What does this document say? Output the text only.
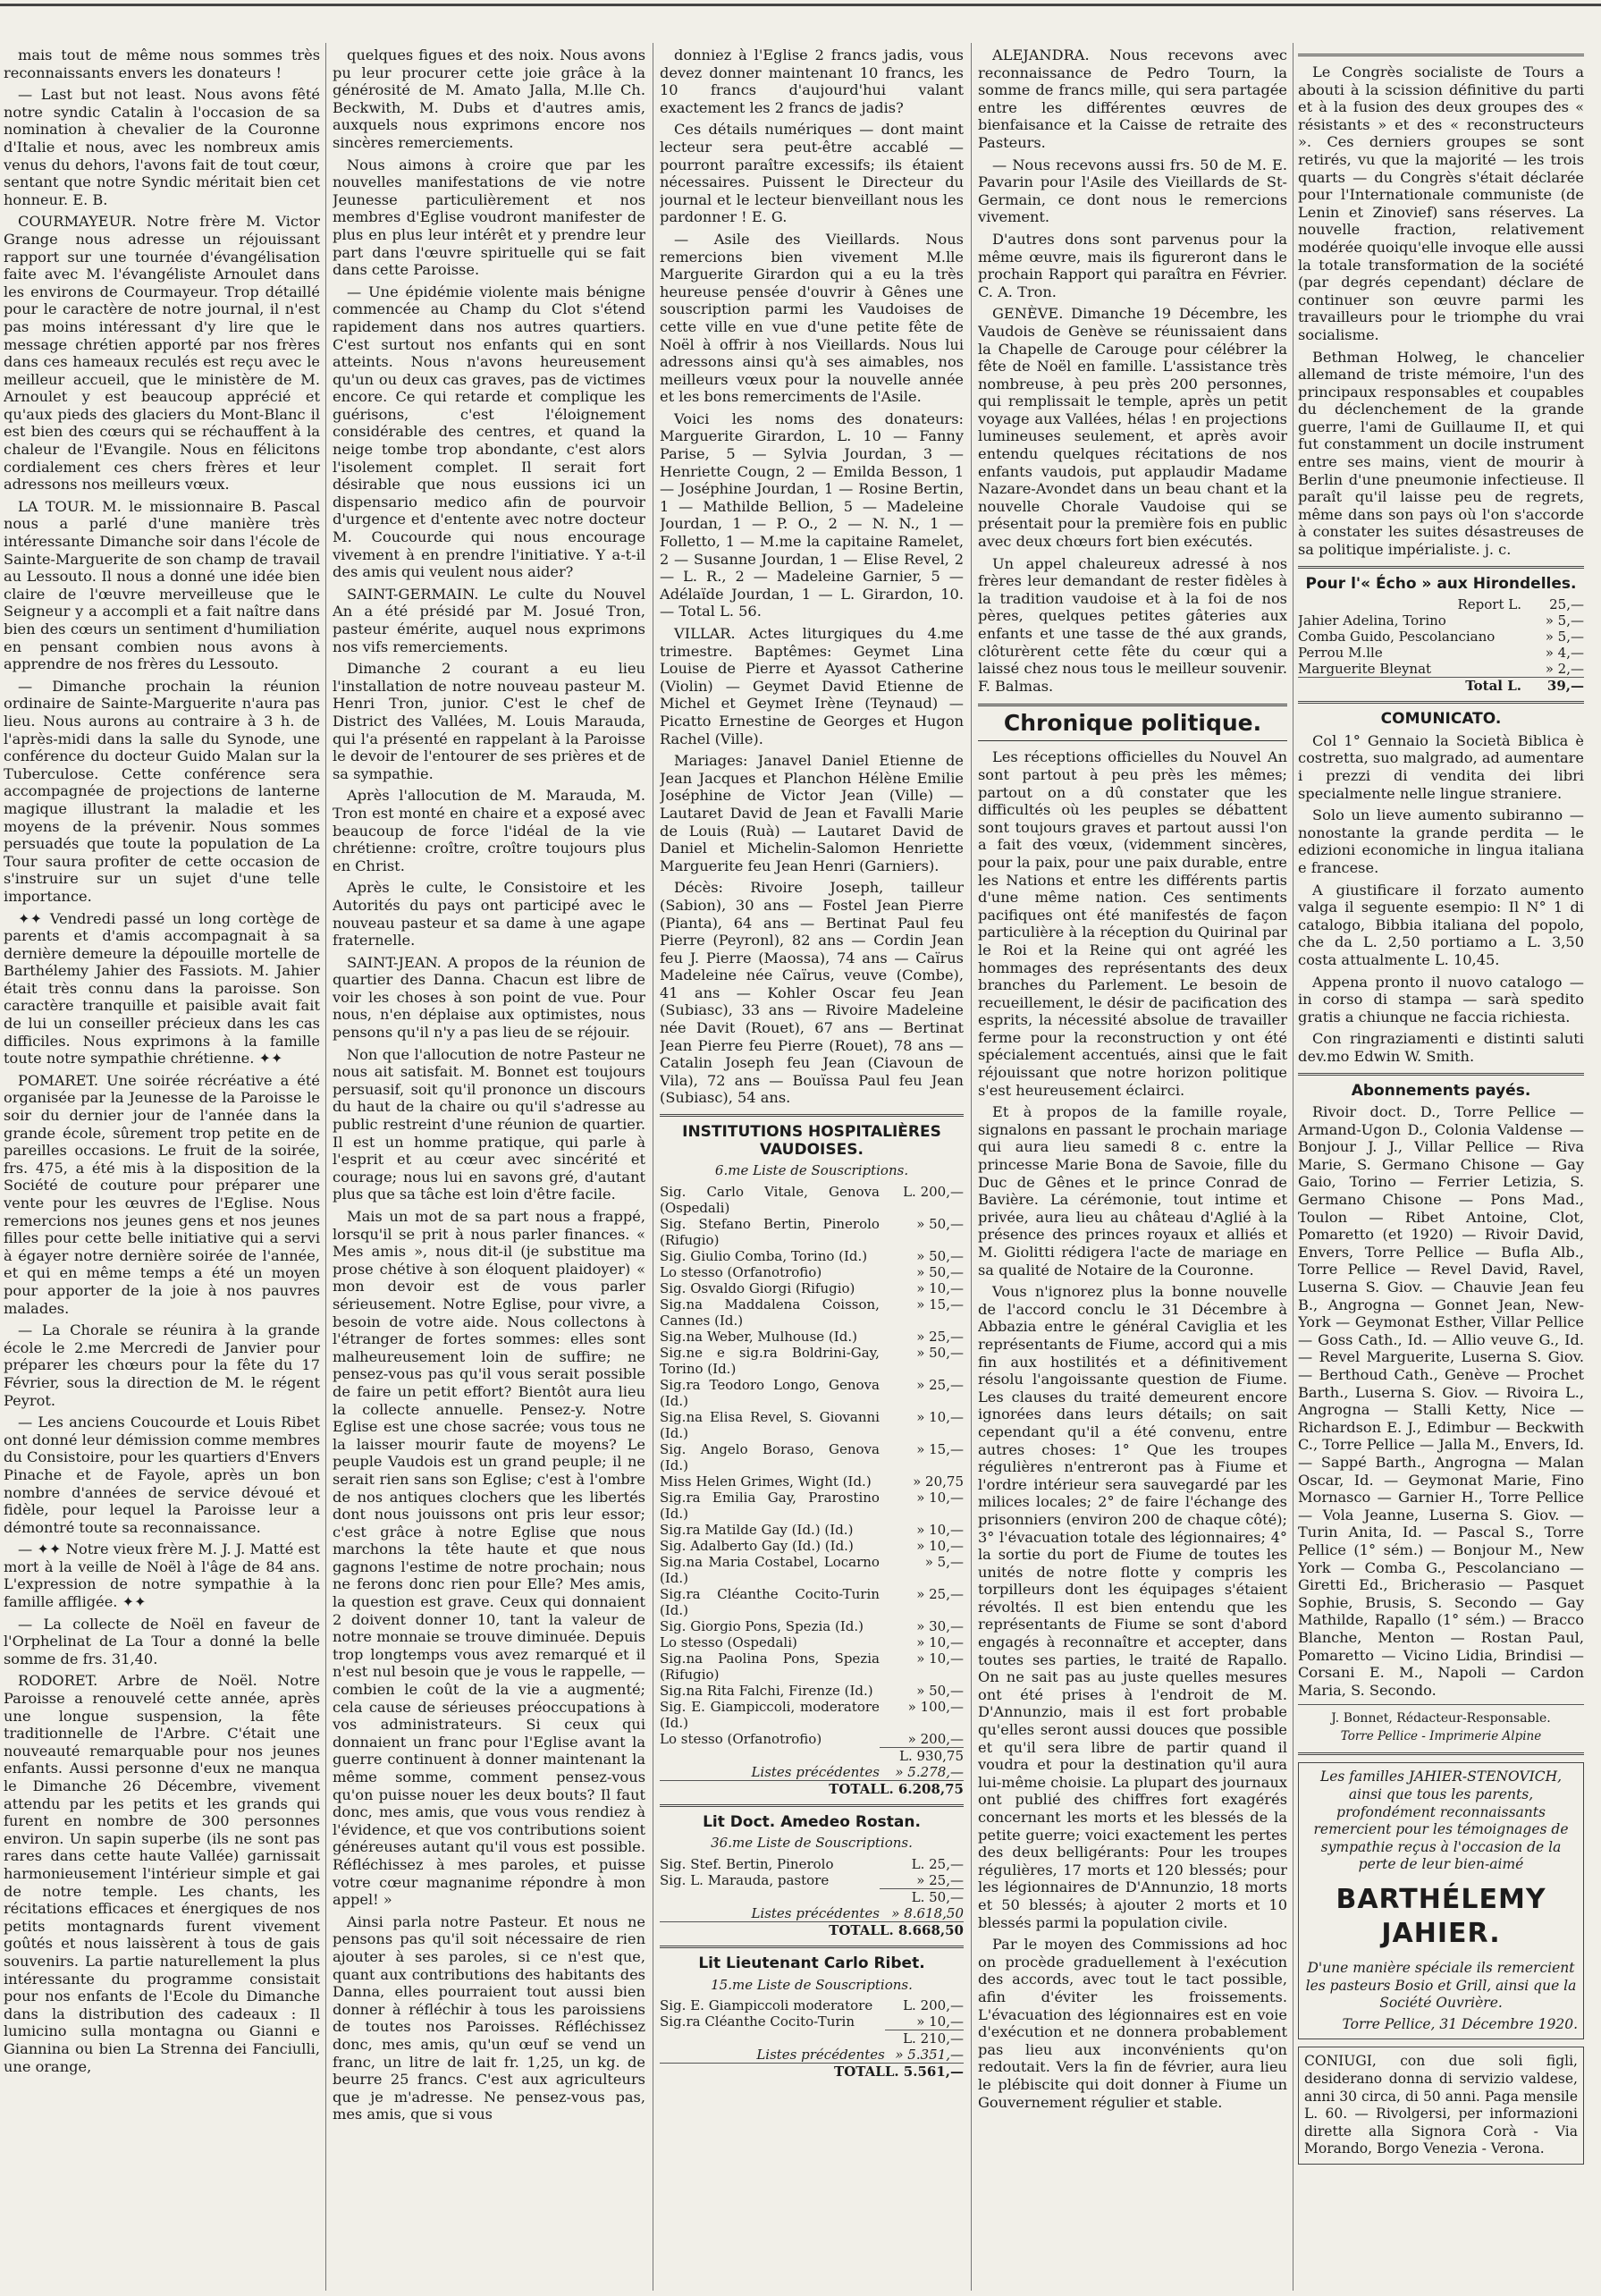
mais tout de même nous sommes très reconnaissants envers les donateurs !

— Last but not least. Nous avons fêté notre syndic Catalin à l'occasion de sa nomination à chevalier de la Couronne d'Italie et nous, avec les nombreux amis venus du dehors, l'avons fait de tout cœur, sentant que notre Syndic méritait bien cet honneur. E. B.

COURMAYEUR. Notre frère M. Victor Grange nous adresse un réjouissant rapport sur une tournée d'évangélisation faite avec M. l'évangéliste Arnoulet dans les environs de Courmayeur. Trop détaillé pour le caractère de notre journal, il n'est pas moins intéressant d'y lire que le message chrétien apporté par nos frères dans ces hameaux reculés est reçu avec le meilleur accueil, que le ministère de M. Arnoulet y est beaucoup apprécié et qu'aux pieds des glaciers du Mont-Blanc il est bien des cœurs qui se réchauffent à la chaleur de l'Evangile. Nous en félicitons cordialement ces chers frères et leur adressons nos meilleurs vœux.

LA TOUR. M. le missionnaire B. Pascal nous a parlé d'une manière très intéressante Dimanche soir dans l'école de Sainte-Marguerite de son champ de travail au Lessouto. Il nous a donné une idée bien claire de l'œuvre merveilleuse que le Seigneur y a accompli et a fait naître dans bien des cœurs un sentiment d'humiliation en pensant combien nous avons à apprendre de nos frères du Lessouto.

— Dimanche prochain la réunion ordinaire de Sainte-Marguerite n'aura pas lieu. Nous aurons au contraire à 3 h. de l'après-midi dans la salle du Synode, une conférence du docteur Guido Malan sur la Tuberculose. Cette conférence sera accompagnée de projections de lanterne magique illustrant la maladie et les moyens de la prévenir. Nous sommes persuadés que toute la population de La Tour saura profiter de cette occasion de s'instruire sur un sujet d'une telle importance.

✦✦ Vendredi passé un long cortège de parents et d'amis accompagnait à sa dernière demeure la dépouille mortelle de Barthélemy Jahier des Fassiots. M. Jahier était très connu dans la paroisse. Son caractère tranquille et paisible avait fait de lui un conseiller précieux dans les cas difficiles. Nous exprimons à la famille toute notre sympathie chrétienne. ✦✦

POMARET. Une soirée récréative a été organisée par la Jeunesse de la Paroisse le soir du dernier jour de l'année dans la grande école, sûrement trop petite en de pareilles occasions. Le fruit de la soirée, frs. 475, a été mis à la disposition de la Société de couture pour préparer une vente pour les œuvres de l'Eglise. Nous remercions nos jeunes gens et nos jeunes filles pour cette belle initiative qui a servi à égayer notre dernière soirée de l'année, et qui en même temps a été un moyen pour apporter de la joie à nos pauvres malades.

— La Chorale se réunira à la grande école le 2.me Mercredi de Janvier pour préparer les chœurs pour la fête du 17 Février, sous la direction de M. le régent Peyrot.

— Les anciens Coucourde et Louis Ribet ont donné leur démission comme membres du Consistoire, pour les quartiers d'Envers Pinache et de Fayole, après un bon nombre d'années de service dévoué et fidèle, pour lequel la Paroisse leur a démontré toute sa reconnaissance.

— ✦✦ Notre vieux frère M. J. J. Matté est mort à la veille de Noël à l'âge de 84 ans. L'expression de notre sympathie à la famille affligée. ✦✦

— La collecte de Noël en faveur de l'Orphelinat de La Tour a donné la belle somme de frs. 31,40.

RODORET. Arbre de Noël. Notre Paroisse a renouvelé cette année, après une longue suspension, la fête traditionnelle de l'Arbre. C'était une nouveauté remarquable pour nos jeunes enfants. Aussi personne d'eux ne manqua le Dimanche 26 Décembre, vivement attendu par les petits et les grands qui furent en nombre de 300 personnes environ. Un sapin superbe (ils ne sont pas rares dans cette haute Vallée) garnissait harmonieusement l'intérieur simple et gai de notre temple. Les chants, les récitations efficaces et énergiques de nos petits montagnards furent vivement goûtés et nous laissèrent à tous de gais souvenirs. La partie naturellement la plus intéressante du programme consistait pour nos enfants de l'Ecole du Dimanche dans la distribution des cadeaux : Il lumicino sulla montagna ou Gianni e Giannina ou bien La Strenna dei Fanciulli, une orange,

quelques figues et des noix. Nous avons pu leur procurer cette joie grâce à la générosité de M. Amato Jalla, M.lle Ch. Beckwith, M. Dubs et d'autres amis, auxquels nous exprimons encore nos sincères remerciements.

Nous aimons à croire que par les nouvelles manifestations de vie notre Jeunesse particulièrement et nos membres d'Eglise voudront manifester de plus en plus leur intérêt et y prendre leur part dans l'œuvre spirituelle qui se fait dans cette Paroisse.

— Une épidémie violente mais bénigne commencée au Champ du Clot s'étend rapidement dans nos autres quartiers. C'est surtout nos enfants qui en sont atteints. Nous n'avons heureusement qu'un ou deux cas graves, pas de victimes encore. Ce qui retarde et complique les guérisons, c'est l'éloignement considérable des centres, et quand la neige tombe trop abondante, c'est alors l'isolement complet. Il serait fort désirable que nous eussions ici un dispensario medico afin de pourvoir d'urgence et d'entente avec notre docteur M. Coucourde qui nous encourage vivement à en prendre l'initiative. Y a-t-il des amis qui veulent nous aider?

SAINT-GERMAIN. Le culte du Nouvel An a été présidé par M. Josué Tron, pasteur émérite, auquel nous exprimons nos vifs remerciements.

Dimanche 2 courant a eu lieu l'installation de notre nouveau pasteur M. Henri Tron, junior. C'est le chef de District des Vallées, M. Louis Marauda, qui l'a présenté en rappelant à la Paroisse le devoir de l'entourer de ses prières et de sa sympathie.

Après l'allocution de M. Marauda, M. Tron est monté en chaire et a exposé avec beaucoup de force l'idéal de la vie chrétienne: croître, croître toujours plus en Christ.

Après le culte, le Consistoire et les Autorités du pays ont participé avec le nouveau pasteur et sa dame à une agape fraternelle.

SAINT-JEAN. A propos de la réunion de quartier des Danna. Chacun est libre de voir les choses à son point de vue. Pour nous, n'en déplaise aux optimistes, nous pensons qu'il n'y a pas lieu de se réjouir.

Non que l'allocution de notre Pasteur ne nous ait satisfait. M. Bonnet est toujours persuasif, soit qu'il prononce un discours du haut de la chaire ou qu'il s'adresse au public restreint d'une réunion de quartier. Il est un homme pratique, qui parle à l'esprit et au cœur avec sincérité et courage; nous lui en savons gré, d'autant plus que sa tâche est loin d'être facile.

Mais un mot de sa part nous a frappé, lorsqu'il se prit à nous parler finances. « Mes amis », nous dit-il (je substitue ma prose chétive à son éloquent plaidoyer) « mon devoir est de vous parler sérieusement. Notre Eglise, pour vivre, a besoin de votre aide. Nous collectons à l'étranger de fortes sommes: elles sont malheureusement loin de suffire; ne pensez-vous pas qu'il vous serait possible de faire un petit effort? Bientôt aura lieu la collecte annuelle. Pensez-y. Notre Eglise est une chose sacrée; vous tous ne la laisser mourir faute de moyens? Le peuple Vaudois est un grand peuple; il ne serait rien sans son Eglise; c'est à l'ombre de nos antiques clochers que les libertés dont nous jouissons ont pris leur essor; c'est grâce à notre Eglise que nous marchons la tête haute et que nous gagnons l'estime de notre prochain; nous ne ferons donc rien pour Elle? Mes amis, la question est grave. Ceux qui donnaient 2 doivent donner 10, tant la valeur de notre monnaie se trouve diminuée. Depuis trop longtemps vous avez remarqué et il n'est nul besoin que je vous le rappelle, — combien le coût de la vie a augmenté; cela cause de sérieuses préoccupations à vos administrateurs. Si ceux qui donnaient un franc pour l'Eglise avant la guerre continuent à donner maintenant la même somme, comment pensez-vous qu'on puisse nouer les deux bouts? Il faut donc, mes amis, que vous vous rendiez à l'évidence, et que vos contributions soient généreuses autant qu'il vous est possible. Réfléchissez à mes paroles, et puisse votre cœur magnanime répondre à mon appel! »

Ainsi parla notre Pasteur. Et nous ne pensons pas qu'il soit nécessaire de rien ajouter à ses paroles, si ce n'est que, quant aux contributions des habitants des Danna, elles pourraient tout aussi bien donner à réfléchir à tous les paroissiens de toutes nos Paroisses. Réfléchissez donc, mes amis, qu'un œuf se vend un franc, un litre de lait fr. 1,25, un kg. de beurre 25 francs. C'est aux agriculteurs que je m'adresse. Ne pensez-vous pas, mes amis, que si vous

donniez à l'Eglise 2 francs jadis, vous devez donner maintenant 10 francs, les 10 francs d'aujourd'hui valant exactement les 2 francs de jadis?

Ces détails numériques — dont maint lecteur sera peut-être accablé — pourront paraître excessifs; ils étaient nécessaires. Puissent le Directeur du journal et le lecteur bienveillant nous les pardonner ! E. G.

— Asile des Vieillards. Nous remercions bien vivement M.lle Marguerite Girardon qui a eu la très heureuse pensée d'ouvrir à Gênes une souscription parmi les Vaudoises de cette ville en vue d'une petite fête de Noël à offrir à nos Vieillards. Nous lui adressons ainsi qu'à ses aimables, nos meilleurs vœux pour la nouvelle année et les bons remerciments de l'Asile.

Voici les noms des donateurs: Marguerite Girardon, L. 10 — Fanny Parise, 5 — Sylvia Jourdan, 3 — Henriette Cougn, 2 — Emilda Besson, 1 — Joséphine Jourdan, 1 — Rosine Bertin, 1 — Mathilde Bellion, 5 — Madeleine Jourdan, 1 — P. O., 2 — N. N., 1 — Folletto, 1 — M.me la capitaine Ramelet, 2 — Susanne Jourdan, 1 — Elise Revel, 2 — L. R., 2 — Madeleine Garnier, 5 — Adélaïde Jourdan, 1 — L. Girardon, 10. — Total L. 56.

VILLAR. Actes liturgiques du 4.me trimestre. Baptêmes: Geymet Lina Louise de Pierre et Ayassot Catherine (Violin) — Geymet David Etienne de Michel et Geymet Irène (Teynaud) — Picatto Ernestine de Georges et Hugon Rachel (Ville).

Mariages: Janavel Daniel Etienne de Jean Jacques et Planchon Hélène Emilie Joséphine de Victor Jean (Ville) — Lautaret David de Jean et Favalli Marie de Louis (Ruà) — Lautaret David de Daniel et Michelin-Salomon Henriette Marguerite feu Jean Henri (Garniers).

Décès: Rivoire Joseph, tailleur (Sabion), 30 ans — Fostel Jean Pierre (Pianta), 64 ans — Bertinat Paul feu Pierre (Peyronl), 82 ans — Cordin Jean feu J. Pierre (Maossa), 74 ans — Caïrus Madeleine née Caïrus, veuve (Combe), 41 ans — Kohler Oscar feu Jean (Subiasc), 33 ans — Rivoire Madeleine née Davit (Rouet), 67 ans — Bertinat Jean Pierre feu Pierre (Rouet), 78 ans — Catalin Joseph feu Jean (Ciavoun de Vila), 72 ans — Bouïssa Paul feu Jean (Subiasc), 54 ans.

INSTITUTIONS HOSPITALIÈRES VAUDOISES.
6.me Liste de Souscriptions.
Sig. Carlo Vitale, Genova (Ospedali)	L. 200,—
Sig. Stefano Bertin, Pinerolo (Rifugio)	» 50,—
Sig. Giulio Comba, Torino (Id.)	» 50,—
Lo stesso (Orfanotrofio)	» 50,—
Sig. Osvaldo Giorgi (Rifugio)	» 10,—
Sig.na Maddalena Coisson, Cannes (Id.)	» 15,—
Sig.na Weber, Mulhouse (Id.)	» 25,—
Sig.ne e sig.ra Boldrini-Gay, Torino (Id.)	» 50,—
Sig.ra Teodoro Longo, Genova (Id.)	» 25,—
Sig.na Elisa Revel, S. Giovanni (Id.)	» 10,—
Sig. Angelo Boraso, Genova (Id.)	» 15,—
Miss Helen Grimes, Wight (Id.)	» 20,75
Sig.ra Emilia Gay, Prarostino (Id.)	» 10,—
Sig.ra Matilde Gay (Id.) (Id.)	» 10,—
Sig. Adalberto Gay (Id.) (Id.)	» 10,—
Sig.na Maria Costabel, Locarno (Id.)	» 5,—
Sig.ra Cléanthe Cocito-Turin (Id.)	» 25,—
Sig. Giorgio Pons, Spezia (Id.)	» 30,—
Lo stesso (Ospedali)	» 10,—
Sig.na Paolina Pons, Spezia (Rifugio)	» 10,—
Sig.na Rita Falchi, Firenze (Id.)	» 50,—
Sig. E. Giampiccoli, moderatore (Id.)	» 100,—
Lo stesso (Orfanotrofio)	» 200,—
	L. 930,75
Listes précédentes	» 5.278,—
TOTAL	L. 6.208,75
Lit Doct. Amedeo Rostan.
36.me Liste de Souscriptions.
Sig. Stef. Bertin, Pinerolo	L. 25,—
Sig. L. Marauda, pastore	» 25,—
	L. 50,—
Listes précédentes	» 8.618,50
TOTAL	L. 8.668,50
Lit Lieutenant Carlo Ribet.
15.me Liste de Souscriptions.
Sig. E. Giampiccoli moderatore	L. 200,—
Sig.ra Cléanthe Cocito-Turin	» 10,—
	L. 210,—
Listes précédentes	» 5.351,—
TOTAL	L. 5.561,—

ALEJANDRA. Nous recevons avec reconnaissance de Pedro Tourn, la somme de francs mille, qui sera partagée entre les différentes œuvres de bienfaisance et la Caisse de retraite des Pasteurs.

— Nous recevons aussi frs. 50 de M. E. Pavarin pour l'Asile des Vieillards de St-Germain, ce dont nous le remercions vivement.

D'autres dons sont parvenus pour la même œuvre, mais ils figureront dans le prochain Rapport qui paraîtra en Février. C. A. Tron.

GENÈVE. Dimanche 19 Décembre, les Vaudois de Genève se réunissaient dans la Chapelle de Carouge pour célébrer la fête de Noël en famille. L'assistance très nombreuse, à peu près 200 personnes, qui remplissait le temple, après un petit voyage aux Vallées, hélas ! en projections lumineuses seulement, et après avoir entendu quelques récitations de nos enfants vaudois, put applaudir Madame Nazare-Avondet dans un beau chant et la nouvelle Chorale Vaudoise qui se présentait pour la première fois en public avec deux chœurs fort bien exécutés.

Un appel chaleureux adressé à nos frères leur demandant de rester fidèles à la tradition vaudoise et à la foi de nos pères, quelques petites gâteries aux enfants et une tasse de thé aux grands, clôturèrent cette fête du cœur qui a laissé chez nous tous le meilleur souvenir. F. Balmas.

Chronique politique.

Les réceptions officielles du Nouvel An sont partout à peu près les mêmes; partout on a dû constater que les difficultés où les peuples se débattent sont toujours graves et partout aussi l'on a fait des vœux, (videmment sincères, pour la paix, pour une paix durable, entre les Nations et entre les différents partis d'une même nation. Ces sentiments pacifiques ont été manifestés de façon particulière à la réception du Quirinal par le Roi et la Reine qui ont agréé les hommages des représentants des deux branches du Parlement. Le besoin de recueillement, le désir de pacification des esprits, la nécessité absolue de travailler ferme pour la reconstruction y ont été spécialement accentués, ainsi que le fait réjouissant que notre horizon politique s'est heureusement éclairci.

Et à propos de la famille royale, signalons en passant le prochain mariage qui aura lieu samedi 8 c. entre la princesse Marie Bona de Savoie, fille du Duc de Gênes et le prince Conrad de Bavière. La cérémonie, tout intime et privée, aura lieu au château d'Aglié à la présence des princes royaux et alliés et M. Giolitti rédigera l'acte de mariage en sa qualité de Notaire de la Couronne.

Vous n'ignorez plus la bonne nouvelle de l'accord conclu le 31 Décembre à Abbazia entre le général Caviglia et les représentants de Fiume, accord qui a mis fin aux hostilités et a définitivement résolu l'angoissante question de Fiume. Les clauses du traité demeurent encore ignorées dans leurs détails; on sait cependant qu'il a été convenu, entre autres choses: 1° Que les troupes régulières n'entreront pas à Fiume et l'ordre intérieur sera sauvegardé par les milices locales; 2° de faire l'échange des prisonniers (environ 200 de chaque côté); 3° l'évacuation totale des légionnaires; 4° la sortie du port de Fiume de toutes les unités de notre flotte y compris les torpilleurs dont les équipages s'étaient révoltés. Il est bien entendu que les représentants de Fiume se sont d'abord engagés à reconnaître et accepter, dans toutes ses parties, le traité de Rapallo. On ne sait pas au juste quelles mesures ont été prises à l'endroit de M. D'Annunzio, mais il est fort probable qu'elles seront aussi douces que possible et qu'il sera libre de partir quand il voudra et pour la destination qu'il aura lui-même choisie. La plupart des journaux ont publié des chiffres fort exagérés concernant les morts et les blessés de la petite guerre; voici exactement les pertes des deux belligérants: Pour les troupes régulières, 17 morts et 120 blessés; pour les légionnaires de D'Annunzio, 18 morts et 50 blessés; à ajouter 2 morts et 10 blessés parmi la population civile.

Par le moyen des Commissions ad hoc on procède graduellement à l'exécution des accords, avec tout le tact possible, afin d'éviter les froissements. L'évacuation des légionnaires est en voie d'exécution et ne donnera probablement pas lieu aux inconvénients qu'on redoutait. Vers la fin de février, aura lieu le plébiscite qui doit donner à Fiume un Gouvernement régulier et stable.

Le Congrès socialiste de Tours a abouti à la scission définitive du parti et à la fusion des deux groupes des « résistants » et des « reconstructeurs ». Ces derniers groupes se sont retirés, vu que la majorité — les trois quarts — du Congrès s'était déclarée pour l'Internationale communiste (de Lenin et Zinovief) sans réserves. La nouvelle fraction, relativement modérée quoiqu'elle invoque elle aussi la totale transformation de la société (par degrés cependant) déclare de continuer son œuvre parmi les travailleurs pour le triomphe du vrai socialisme.

Bethman Holweg, le chancelier allemand de triste mémoire, l'un des principaux responsables et coupables du déclenchement de la grande guerre, l'ami de Guillaume II, et qui fut constamment un docile instrument entre ses mains, vient de mourir à Berlin d'une pneumonie infectieuse. Il paraît qu'il laisse peu de regrets, même dans son pays où l'on s'accorde à constater les suites désastreuses de sa politique impérialiste. j. c.

Pour l'« Écho » aux Hirondelles.
Report L.	25,—
Jahier Adelina, Torino	» 5,—
Comba Guido, Pescolanciano	» 5,—
Perrou M.lle	» 4,—
Marguerite Bleynat	» 2,—
Total L.	39,—
COMUNICATO.

Col 1° Gennaio la Società Biblica è costretta, suo malgrado, ad aumentare i prezzi di vendita dei libri specialmente nelle lingue straniere.

Solo un lieve aumento subiranno — nonostante la grande perdita — le edizioni economiche in lingua italiana e francese.

A giustificare il forzato aumento valga il seguente esempio: Il N° 1 di catalogo, Bibbia italiana del popolo, che da L. 2,50 portiamo a L. 3,50 costa attualmente L. 10,45.

Appena pronto il nuovo catalogo — in corso di stampa — sarà spedito gratis a chiunque ne faccia richiesta.

Con ringraziamenti e distinti saluti dev.mo Edwin W. Smith.

Abonnements payés.

Rivoir doct. D., Torre Pellice — Armand-Ugon D., Colonia Valdense — Bonjour J. J., Villar Pellice — Riva Marie, S. Germano Chisone — Gay Gaio, Torino — Ferrier Letizia, S. Germano Chisone — Pons Mad., Toulon — Ribet Antoine, Clot, Pomaretto (et 1920) — Rivoir David, Envers, Torre Pellice — Bufla Alb., Torre Pellice — Revel David, Ravel, Luserna S. Giov. — Chauvie Jean feu B., Angrogna — Gonnet Jean, New-York — Geymonat Esther, Villar Pellice — Goss Cath., Id. — Allio veuve G., Id. — Revel Marguerite, Luserna S. Giov. — Berthoud Cath., Genève — Prochet Barth., Luserna S. Giov. — Rivoira L., Angrogna — Stalli Ketty, Nice — Richardson E. J., Edimbur — Beckwith C., Torre Pellice — Jalla M., Envers, Id. — Sappé Barth., Angrogna — Malan Oscar, Id. — Geymonat Marie, Fino Mornasco — Garnier H., Torre Pellice — Vola Jeanne, Luserna S. Giov. — Turin Anita, Id. — Pascal S., Torre Pellice (1° sém.) — Bonjour M., New York — Comba G., Pescolanciano — Giretti Ed., Bricherasio — Pasquet Sophie, Brusis, S. Secondo — Gay Mathilde, Rapallo (1° sém.) — Bracco Blanche, Menton — Rostan Paul, Pomaretto — Vicino Lidia, Brindisi — Corsani E. M., Napoli — Cardon Maria, S. Secondo.

J. Bonnet, Rédacteur-Responsable.
Torre Pellice - Imprimerie Alpine
Les familles JAHIER-STENOVICH, ainsi que tous les parents, profondément reconnaissants remercient pour les témoignages de sympathie reçus à l'occasion de la perte de leur bien-aimé
BARTHÉLEMY JAHIER.
D'une manière spéciale ils remercient les pasteurs Bosio et Grill, ainsi que la Société Ouvrière.
Torre Pellice, 31 Décembre 1920.
CONIUGI, con due soli figli, desiderano donna di servizio valdese, anni 30 circa, di 50 anni. Paga mensile L. 60. — Rivolgersi, per informazioni dirette alla Signora Corà - Via Morando, Borgo Venezia - Verona.
